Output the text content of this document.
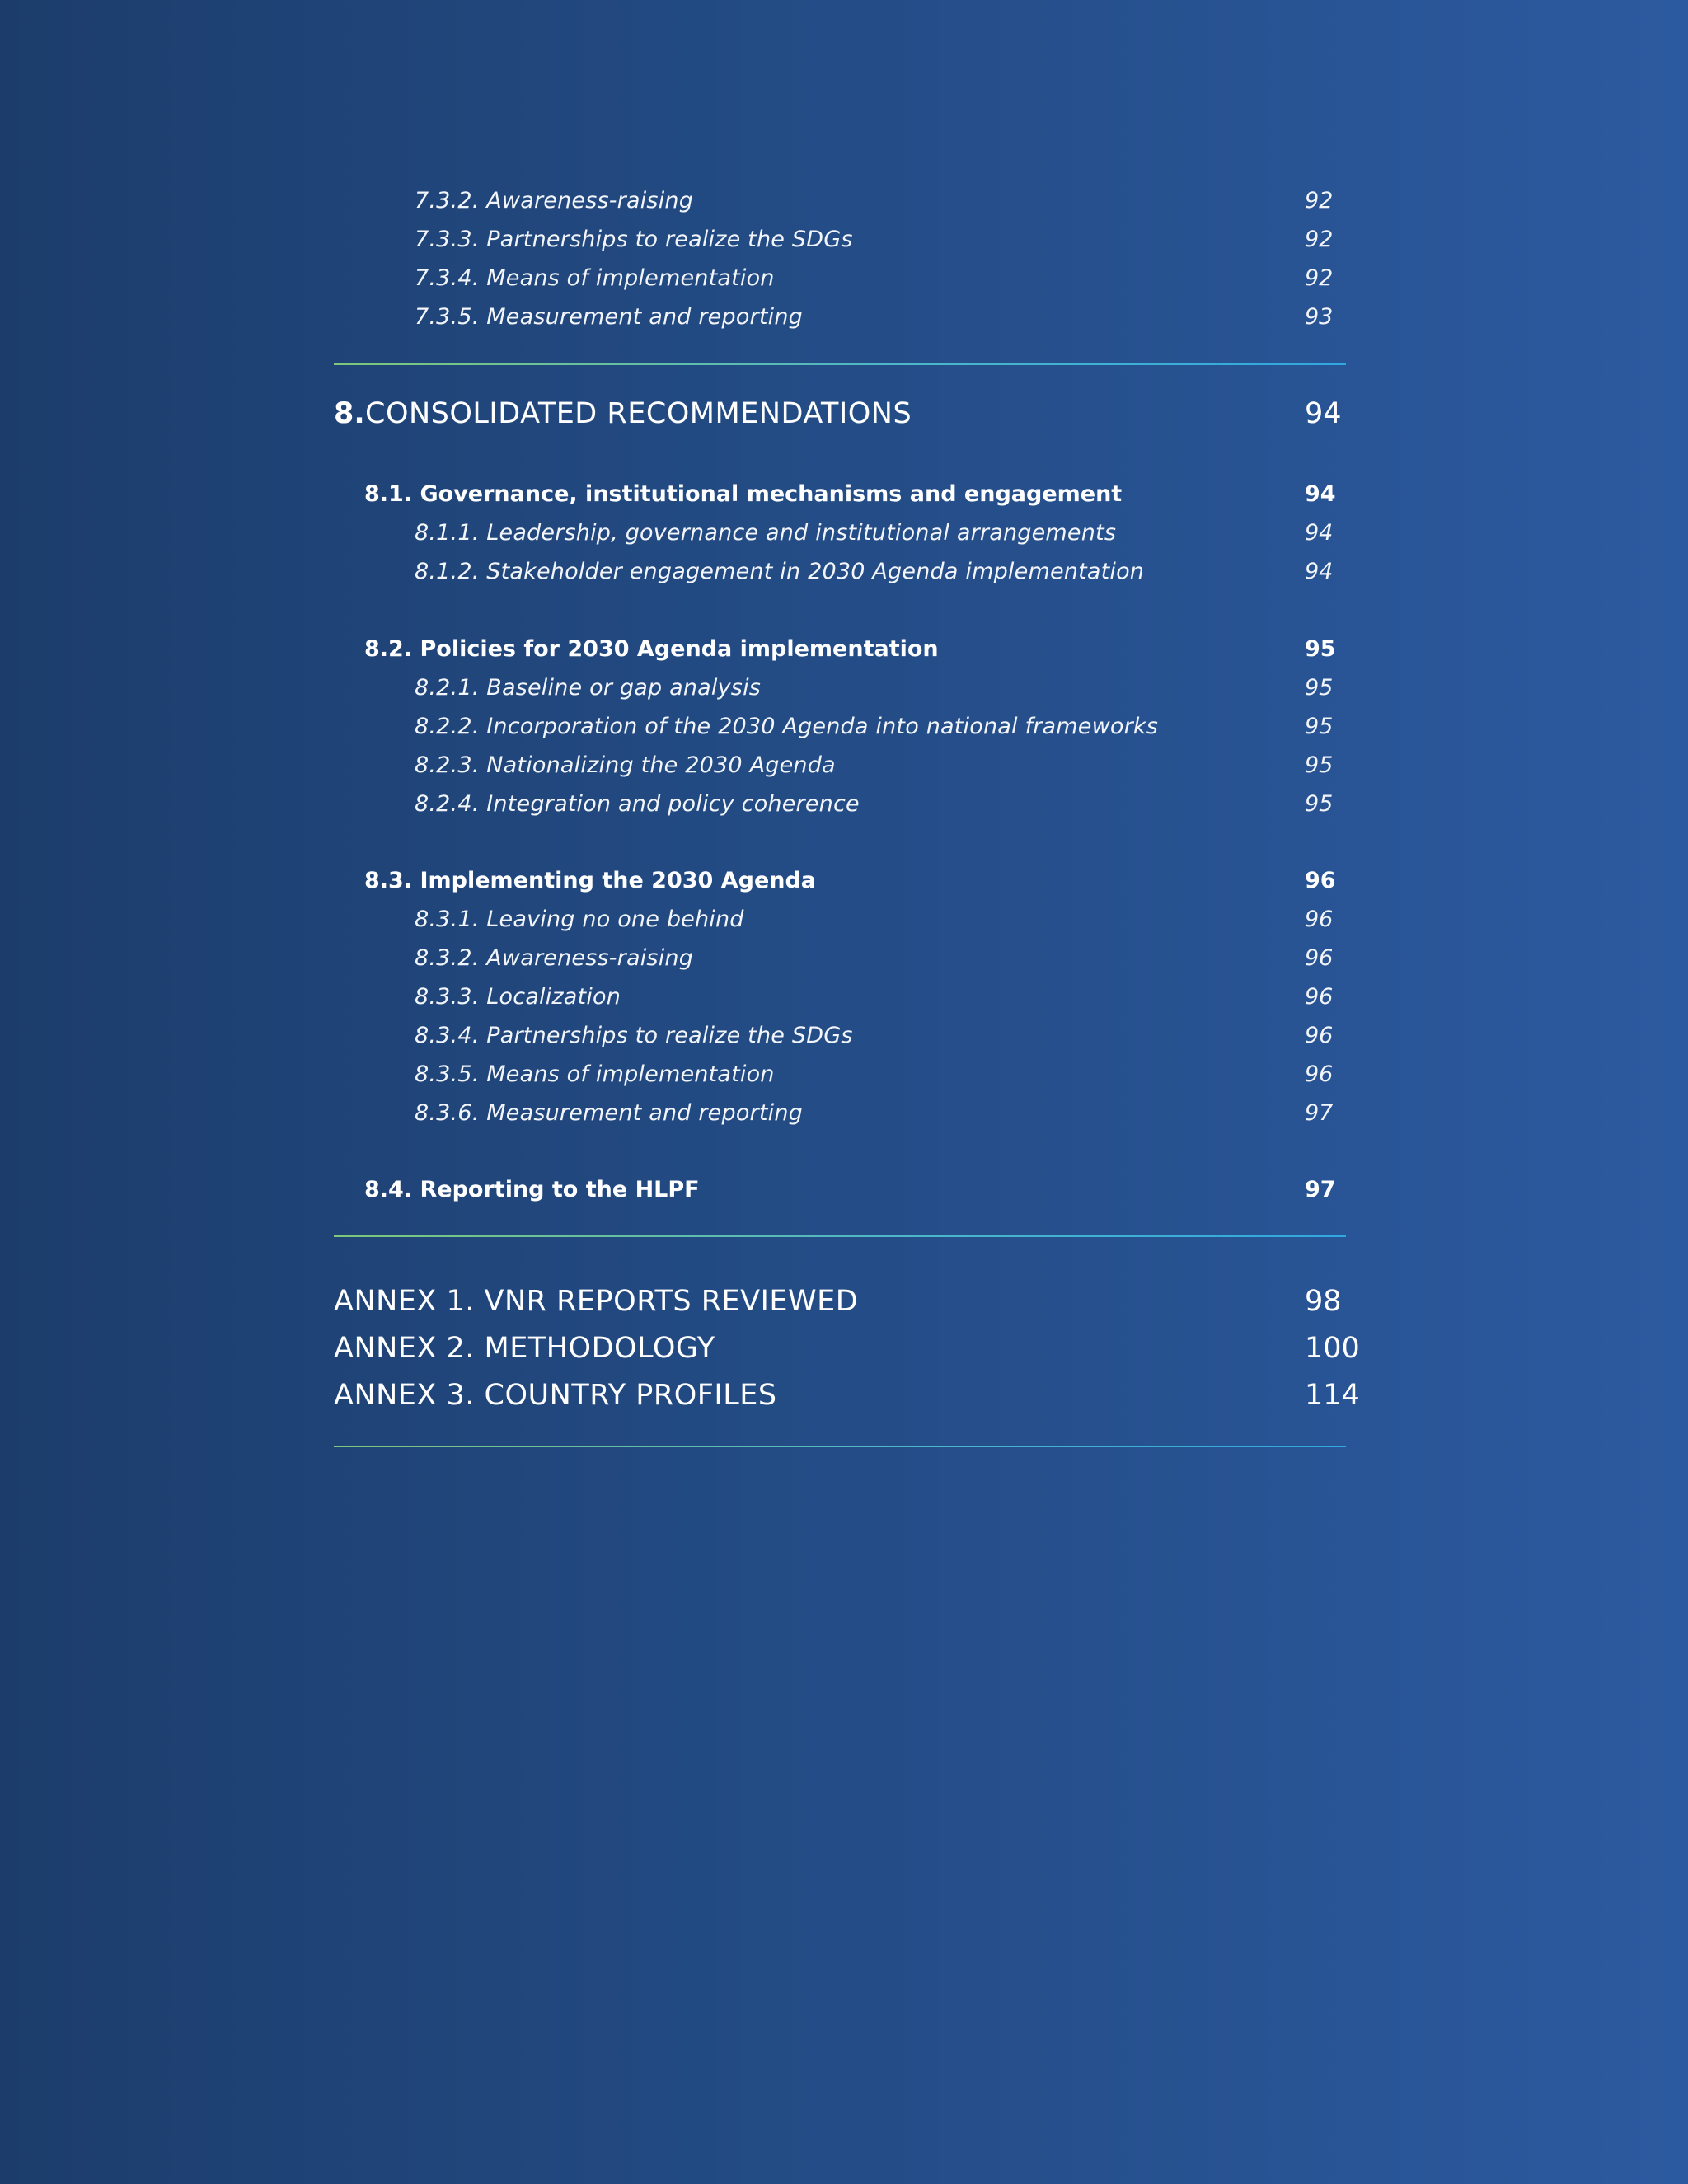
7.3.2. Awareness-raising	92
7.3.3. Partnerships to realize the SDGs	92
7.3.4. Means of implementation	92
7.3.5. Measurement and reporting	93
8. CONSOLIDATED RECOMMENDATIONS	94
8.1. Governance, institutional mechanisms and engagement	94
8.1.1. Leadership, governance and institutional arrangements	94
8.1.2. Stakeholder engagement in 2030 Agenda implementation	94
8.2. Policies for 2030 Agenda implementation	95
8.2.1. Baseline or gap analysis	95
8.2.2. Incorporation of the 2030 Agenda into national frameworks	95
8.2.3. Nationalizing the 2030 Agenda	95
8.2.4. Integration and policy coherence	95
8.3. Implementing the 2030 Agenda	96
8.3.1. Leaving no one behind	96
8.3.2. Awareness-raising	96
8.3.3. Localization	96
8.3.4. Partnerships to realize the SDGs	96
8.3.5. Means of implementation	96
8.3.6. Measurement and reporting	97
8.4. Reporting to the HLPF	97
ANNEX 1. VNR REPORTS REVIEWED	98
ANNEX 2. METHODOLOGY	100
ANNEX 3. COUNTRY PROFILES	114
